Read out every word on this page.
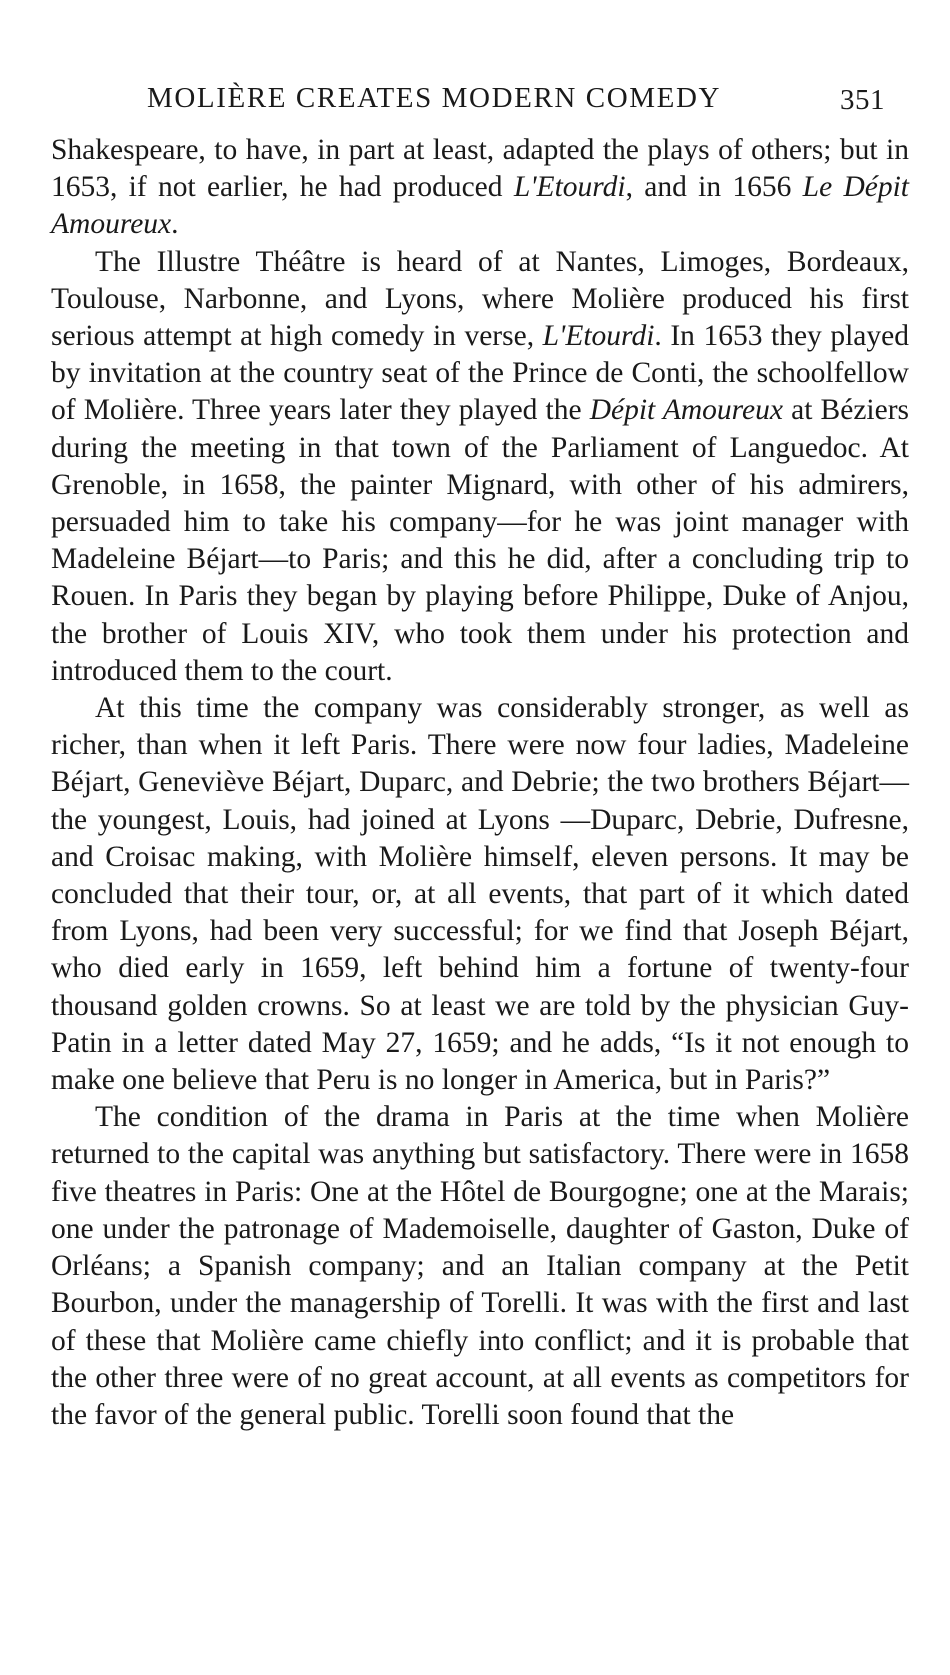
MOLIÈRE CREATES MODERN COMEDY	351

Shakespeare, to have, in part at least, adapted the plays of others; but in 1653, if not earlier, he had produced L'Etourdi, and in 1656 Le Dépit Amoureux.

The Illustre Théâtre is heard of at Nantes, Limoges, Bordeaux, Toulouse, Narbonne, and Lyons, where Molière produced his first serious attempt at high comedy in verse, L'Etourdi. In 1653 they played by invitation at the country seat of the Prince de Conti, the schoolfellow of Molière. Three years later they played the Dépit Amoureux at Béziers during the meeting in that town of the Parliament of Languedoc. At Grenoble, in 1658, the painter Mignard, with other of his admirers, persuaded him to take his company—for he was joint manager with Madeleine Béjart—to Paris; and this he did, after a concluding trip to Rouen. In Paris they began by playing before Philippe, Duke of Anjou, the brother of Louis XIV, who took them under his protection and introduced them to the court.

At this time the company was considerably stronger, as well as richer, than when it left Paris. There were now four ladies, Madeleine Béjart, Geneviève Béjart, Duparc, and Debrie; the two brothers Béjart—the youngest, Louis, had joined at Lyons —Duparc, Debrie, Dufresne, and Croisac making, with Molière himself, eleven persons. It may be concluded that their tour, or, at all events, that part of it which dated from Lyons, had been very successful; for we find that Joseph Béjart, who died early in 1659, left behind him a fortune of twenty-four thousand golden crowns. So at least we are told by the physician Guy-Patin in a letter dated May 27, 1659; and he adds, “Is it not enough to make one believe that Peru is no longer in America, but in Paris?”

The condition of the drama in Paris at the time when Molière returned to the capital was anything but satisfactory. There were in 1658 five theatres in Paris: One at the Hôtel de Bourgogne; one at the Marais; one under the patronage of Mademoiselle, daughter of Gaston, Duke of Orléans; a Spanish company; and an Italian company at the Petit Bourbon, under the managership of Torelli. It was with the first and last of these that Molière came chiefly into conflict; and it is probable that the other three were of no great account, at all events as competitors for the favor of the general public. Torelli soon found that the
